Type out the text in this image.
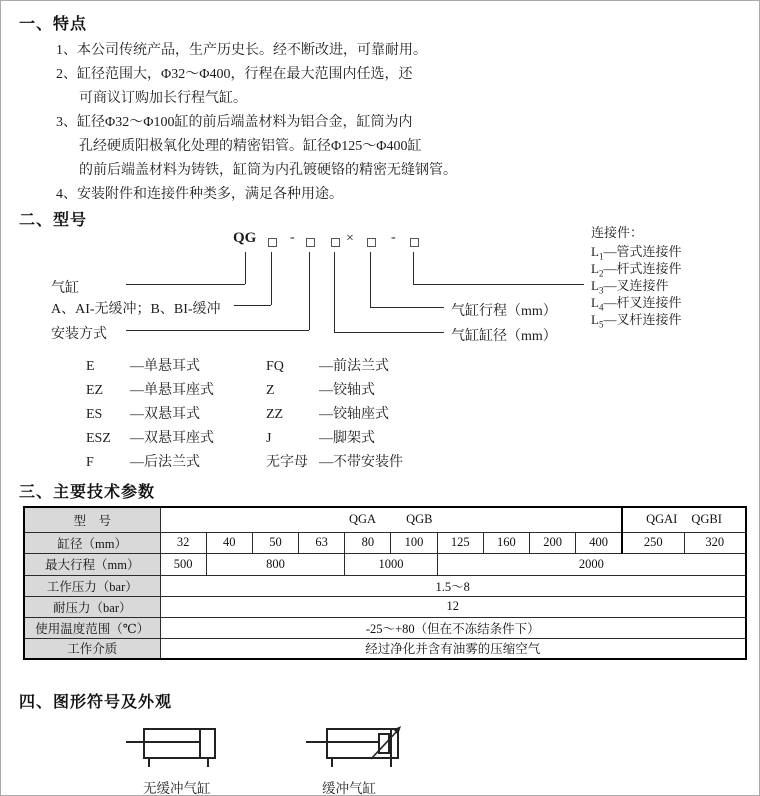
一、特点
1、本公司传统产品，生产历史长。经不断改进，可靠耐用。
2、缸径范围大，Φ32～Φ400，行程在最大范围内任选，还
可商议订购加长行程气缸。
3、缸径Φ32～Φ100缸的前后端盖材料为铝合金，缸筒为内
孔经硬质阳极氧化处理的精密铝管。缸径Φ125～Φ400缸
的前后端盖材料为铸铁，缸筒为内孔镀硬铬的精密无缝钢管。
4、安装附件和连接件种类多，满足各种用途。
二、型号
QG -	×	-
气缸
A、AI-无缓冲；B、BI-缓冲
安装方式
气缸行程（mm）
气缸缸径（mm）
连接件：
$L_1—$管式连接件
$L_2—$杆式连接件
$L_3—$叉连接件
$L_4—$杆叉连接件
$L_5—$叉杆连接件
E	—单悬耳式
EZ —单悬耳座式
ES —双悬耳式
ESZ —双悬耳座式
F	—后法兰式
FQ	—前法兰式
Z	—铰轴式
ZZ	—铰轴座式
J	—脚架式
无字母 —不带安装件
三、主要技术参数
型　号	QGA QGB										QGAI QGBI	
缸径（mm）	32	40	50	63	80	100	125	160	200	400	250	320
最大行程（mm）	500	800			1000		2000					
工作压力（bar）	1.5～8											
耐压力（bar）	12											
使用温度范围（℃）	-25～+80（但在不冻结条件下）											
工作介质	经过净化并含有油雾的压缩空气											
四、图形符号及外观
无缓冲气缸	缓冲气缸
